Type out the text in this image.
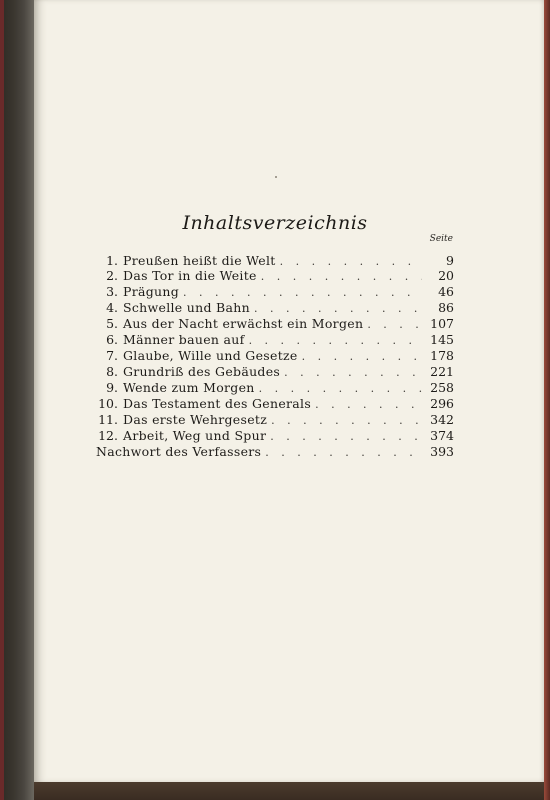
Inhaltsverzeichnis
Seite
1. Preußen heißt die Welt . . .	9
2. Das Tor in die Weite . . .	20
3. Prägung . . .	46
4. Schwelle und Bahn . . .	86
5. Aus der Nacht erwächst ein Morgen . . .	107
6. Männer bauen auf . . .	145
7. Glaube, Wille und Gesetze . . .	178
8. Grundriß des Gebäudes . . .	221
9. Wende zum Morgen . . .	258
10. Das Testament des Generals . . .	296
11. Das erste Wehrgesetz . . .	342
12. Arbeit, Weg und Spur . . .	374
Nachwort des Verfassers . . .	393
